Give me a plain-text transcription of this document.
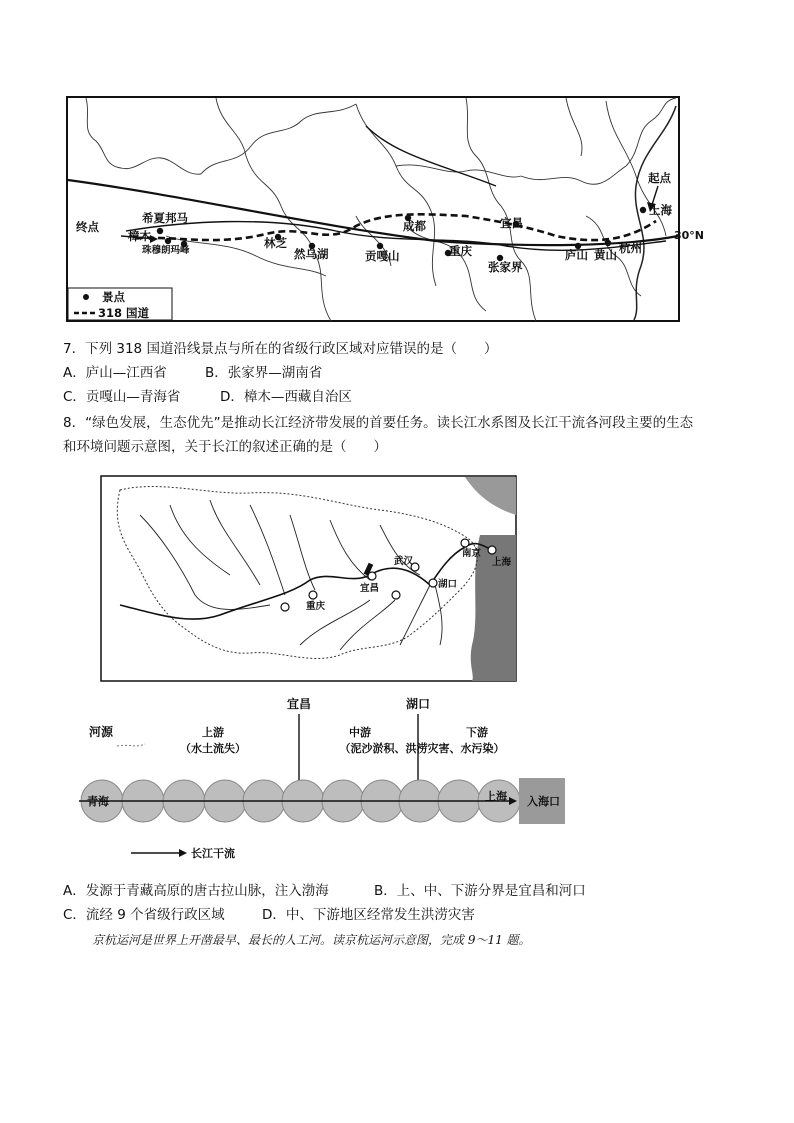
起点
终点
30°N
希夏邦马
樟木
珠穆朗玛峰
林芝
然乌湖	贡嘎山
成都
重庆
宜昌
张家界
庐山 黄山 杭州
上海
景点
318 国道
7．下列 318 国道沿线景点与所在的省级行政区域对应错误的是（　　）
A．庐山—江西省	B．张家界—湖南省
C．贡嘎山—青海省	D．樟木—西藏自治区
8．“绿色发展，生态优先”是推动长江经济带发展的首要任务。读长江水系图及长江干流各河段主要的生态
和环境问题示意图，关于长江的叙述正确的是（　　）
南京
上海
武汉
宜昌	湖口
重庆
河源	上游
（水土流失）
宜昌	湖口
中游
（泥沙淤积、洪涝灾害、水污染）
下游
青海	上海 入海口
长江干流
A．发源于青藏高原的唐古拉山脉，注入渤海	B．上、中、下游分界是宜昌和河口
C．流经 9 个省级行政区域	D．中、下游地区经常发生洪涝灾害
京杭运河是世界上开凿最早、最长的人工河。读京杭运河示意图，完成 9～11 题。
